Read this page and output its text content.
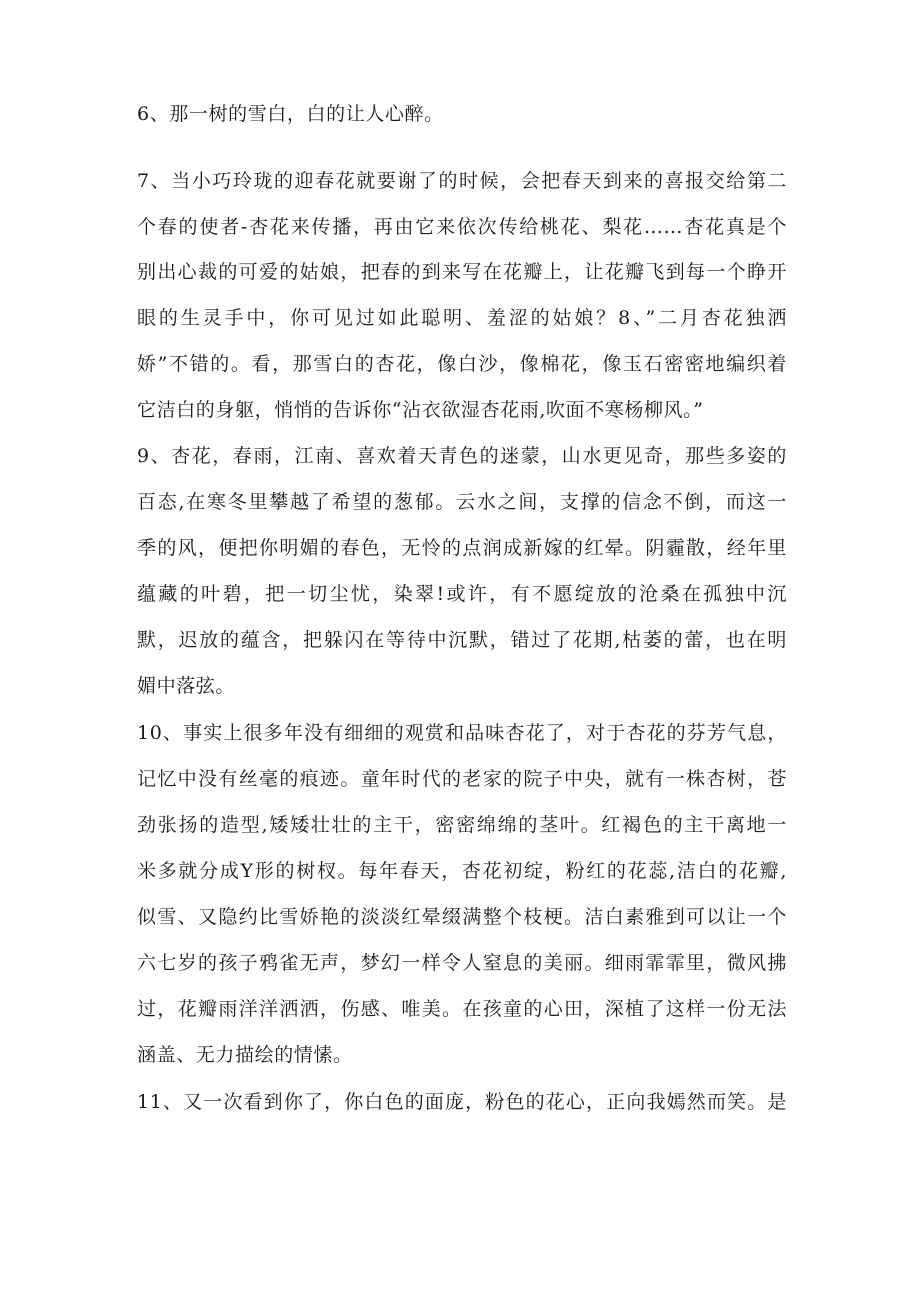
6、那一树的雪白，白的让人心醉。
7、当小巧玲珑的迎春花就要谢了的时候，会把春天到来的喜报交给第二
个春的使者-杏花来传播，再由它来依次传给桃花、梨花……杏花真是个
别出心裁的可爱的姑娘，把春的到来写在花瓣上，让花瓣飞到每一个睁开
眼的生灵手中，你可见过如此聪明、羞涩的姑娘？8、”二月杏花独洒
娇”不错的。看，那雪白的杏花，像白沙，像棉花，像玉石密密地编织着
它洁白的身躯，悄悄的告诉你“沾衣欲湿杏花雨,吹面不寒杨柳风。”
9、杏花，春雨，江南、喜欢着天青色的迷蒙，山水更见奇，那些多姿的
百态,在寒冬里攀越了希望的葱郁。云水之间，支撑的信念不倒，而这一
季的风，便把你明媚的春色，无怜的点润成新嫁的红晕。阴霾散，经年里
蕴藏的叶碧，把一切尘忧，染翠!或许，有不愿绽放的沧桑在孤独中沉
默，迟放的蕴含，把躲闪在等待中沉默，错过了花期,枯萎的蕾，也在明
媚中落弦。
10、事实上很多年没有细细的观赏和品味杏花了，对于杏花的芬芳气息，
记忆中没有丝毫的痕迹。童年时代的老家的院子中央，就有一株杏树，苍
劲张扬的造型,矮矮壮壮的主干，密密绵绵的茎叶。红褐色的主干离地一
米多就分成Y形的树杈。每年春天，杏花初绽，粉红的花蕊,洁白的花瓣,
似雪、又隐约比雪娇艳的淡淡红晕缀满整个枝梗。洁白素雅到可以让一个
六七岁的孩子鸦雀无声，梦幻一样令人窒息的美丽。细雨霏霏里，微风拂
过，花瓣雨洋洋洒洒，伤感、唯美。在孩童的心田，深植了这样一份无法
涵盖、无力描绘的情愫。
11、又一次看到你了，你白色的面庞，粉色的花心，正向我嫣然而笑。是
